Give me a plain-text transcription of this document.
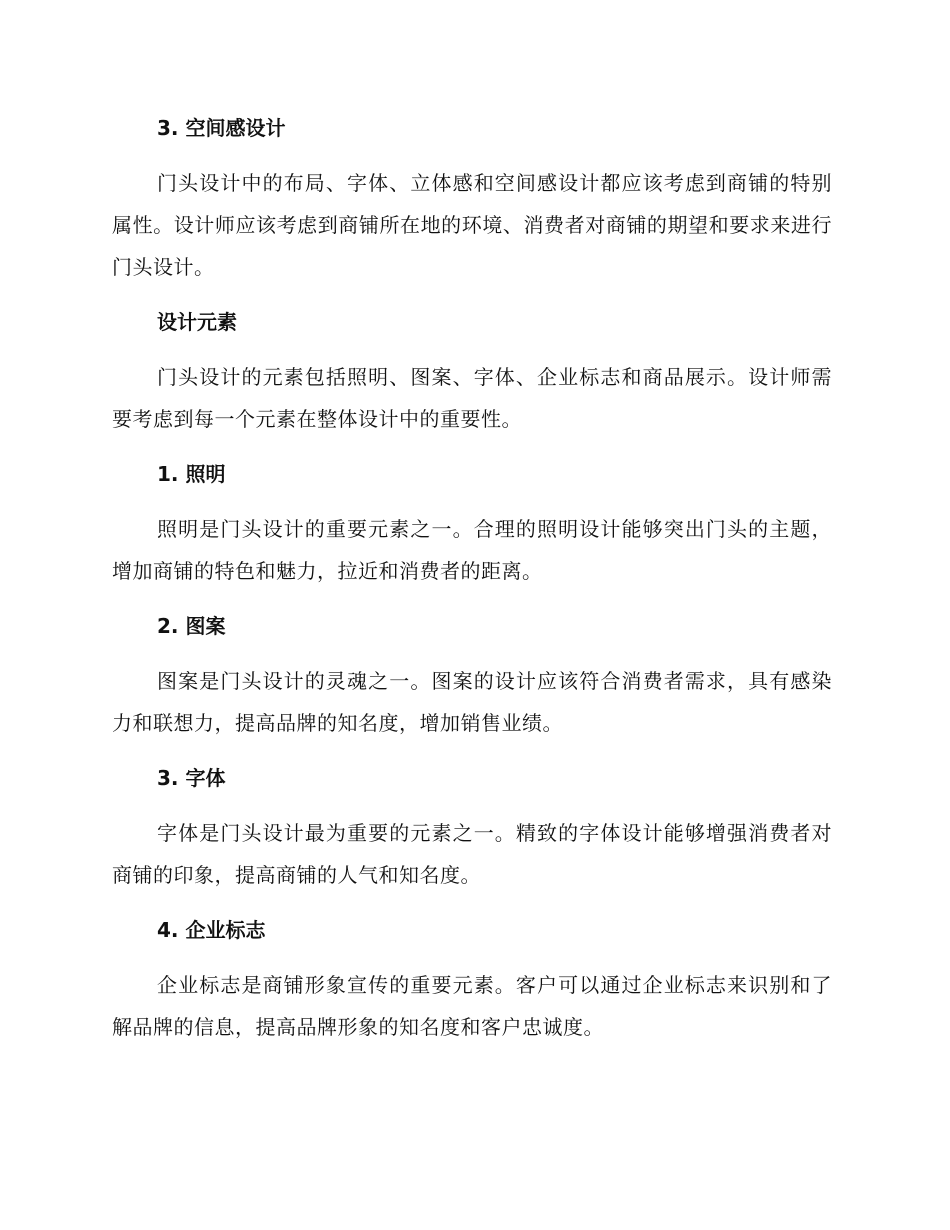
3. 空间感设计

门头设计中的布局、字体、立体感和空间感设计都应该考虑到商铺的特别属性。设计师应该考虑到商铺所在地的环境、消费者对商铺的期望和要求来进行门头设计。

设计元素

门头设计的元素包括照明、图案、字体、企业标志和商品展示。设计师需要考虑到每一个元素在整体设计中的重要性。

1. 照明

照明是门头设计的重要元素之一。合理的照明设计能够突出门头的主题，增加商铺的特色和魅力，拉近和消费者的距离。

2. 图案

图案是门头设计的灵魂之一。图案的设计应该符合消费者需求，具有感染力和联想力，提高品牌的知名度，增加销售业绩。

3. 字体

字体是门头设计最为重要的元素之一。精致的字体设计能够增强消费者对商铺的印象，提高商铺的人气和知名度。

4. 企业标志

企业标志是商铺形象宣传的重要元素。客户可以通过企业标志来识别和了解品牌的信息，提高品牌形象的知名度和客户忠诚度。
